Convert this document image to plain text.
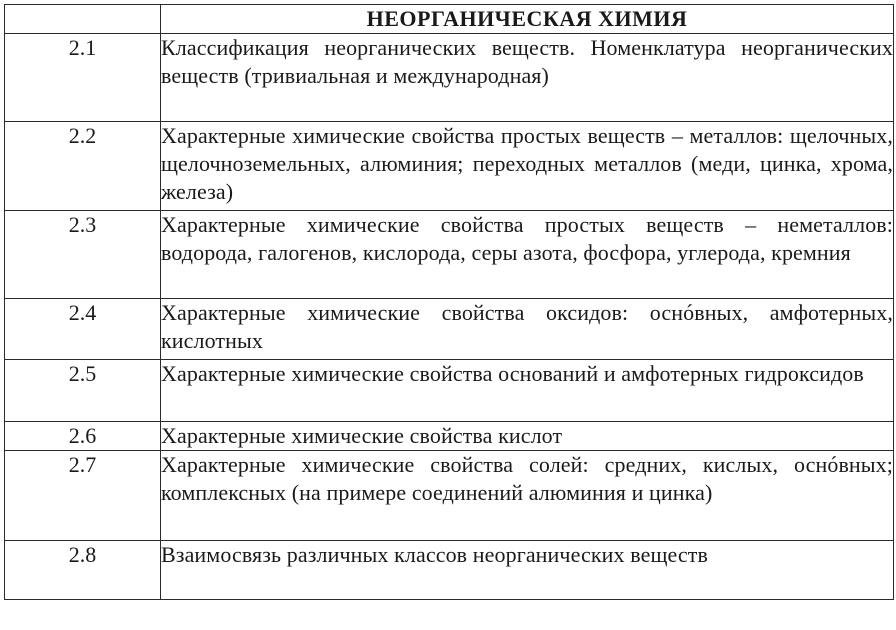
	НЕОРГАНИЧЕСКАЯ ХИМИЯ
2.1	Классификация неорганических веществ. Номенклатура неорганических веществ (тривиальная и международная)
2.2	Характерные химические свойства простых веществ – металлов: щелочных, щелочноземельных, алюминия; переходных металлов (меди, цинка, хрома, железа)
2.3	Характерные химические свойства простых веществ – неметаллов: водорода, галогенов, кислорода, серы азота, фосфора, углерода, кремния
2.4	Характерные химические свойства оксидов: оснóвных, амфотерных, кислотных
2.5	Характерные химические свойства оснований и амфотерных гидроксидов
2.6	Характерные химические свойства кислот
2.7	Характерные химические свойства солей: средних, кислых, оснóвных; комплексных (на примере соединений алюминия и цинка)
2.8	Взаимосвязь различных классов неорганических веществ
